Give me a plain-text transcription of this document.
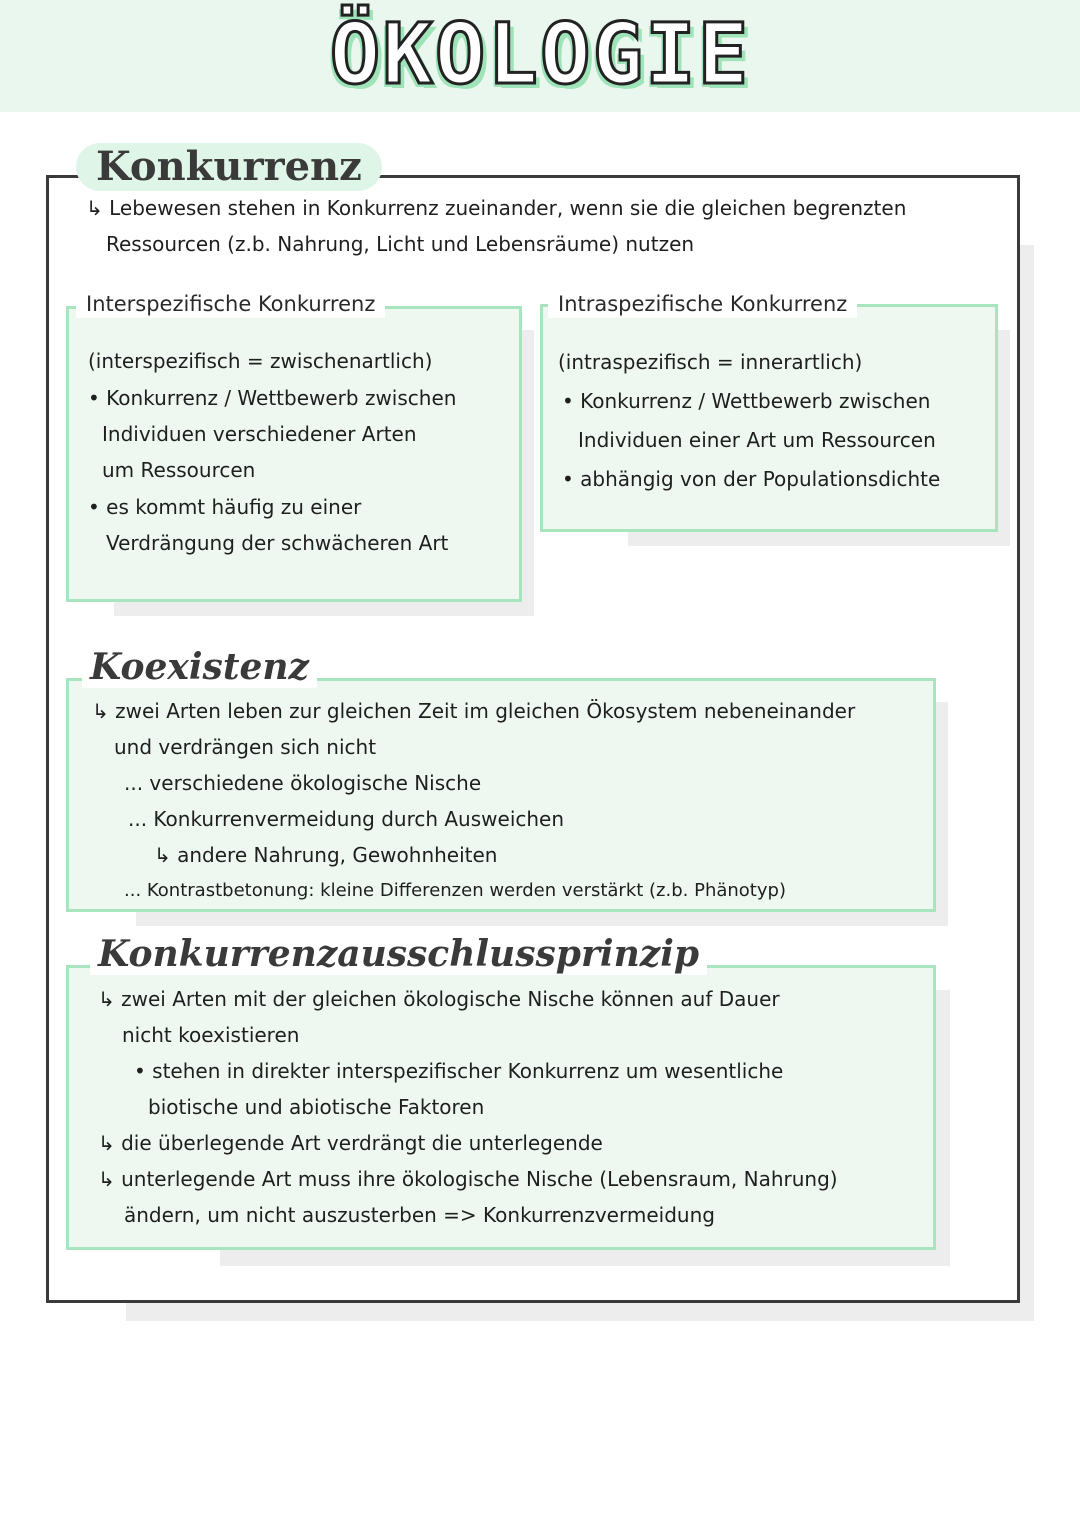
ÖKOLOGIE
Konkurrenz
↳ Lebewesen stehen in Konkurrenz zueinander, wenn sie die gleichen begrenzten
Ressourcen (z.b. Nahrung, Licht und Lebensräume) nutzen
Interspezifische Konkurrenz
(interspezifisch = zwischenartlich)
• Konkurrenz / Wettbewerb zwischen
Individuen verschiedener Arten
um Ressourcen
• es kommt häufig zu einer
Verdrängung der schwächeren Art
Intraspezifische Konkurrenz
(intraspezifisch = innerartlich)
• Konkurrenz / Wettbewerb zwischen
Individuen einer Art um Ressourcen
• abhängig von der Populationsdichte
Koexistenz
↳ zwei Arten leben zur gleichen Zeit im gleichen Ökosystem nebeneinander
und verdrängen sich nicht
... verschiedene ökologische Nische
... Konkurrenvermeidung durch Ausweichen
↳ andere Nahrung, Gewohnheiten
... Kontrastbetonung: kleine Differenzen werden verstärkt (z.b. Phänotyp)
Konkurrenzausschlussprinzip
↳ zwei Arten mit der gleichen ökologische Nische können auf Dauer
nicht koexistieren
• stehen in direkter interspezifischer Konkurrenz um wesentliche
biotische und abiotische Faktoren
↳ die überlegende Art verdrängt die unterlegende
↳ unterlegende Art muss ihre ökologische Nische (Lebensraum, Nahrung)
ändern, um nicht auszusterben => Konkurrenzvermeidung
